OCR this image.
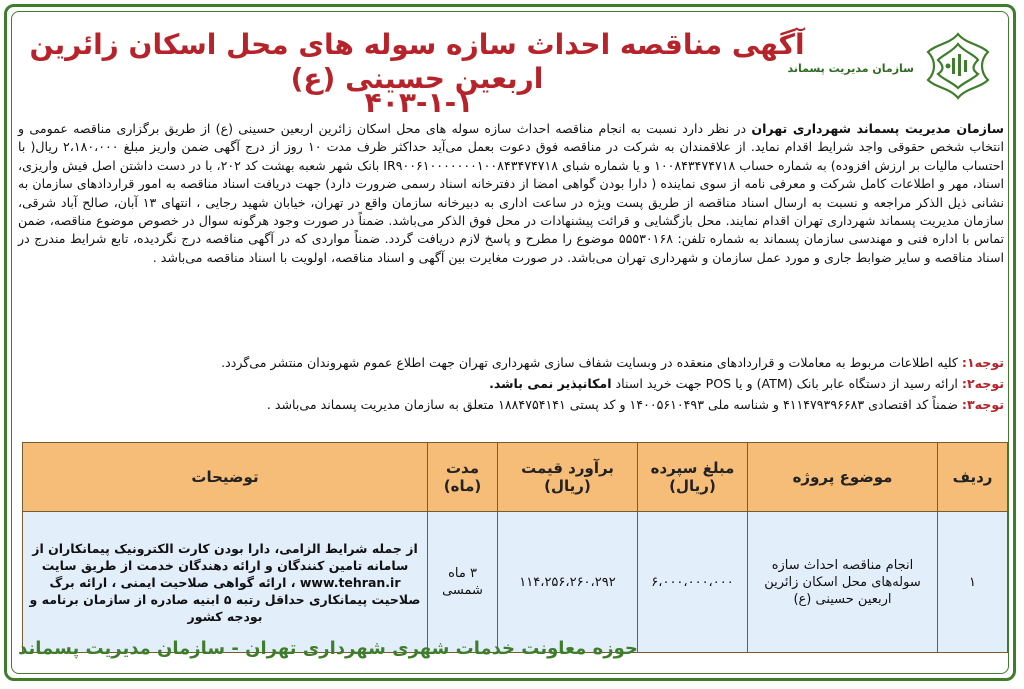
سازمان مدیریت پسماند
آگهی مناقصه احداث سازه سوله های محل اسکان زائرین اربعین حسینی (ع)
۴۰۳-۱-۱
سازمان مدیریت پسماند شهرداری تهران در نظر دارد نسبت به انجام مناقصه احداث سازه سوله های محل اسکان زائرین اربعین حسینی (ع) از طریق برگزاری مناقصه عمومی و انتخاب شخص حقوقی واجد شرایط اقدام نماید. از علاقمندان به شرکت در مناقصه فوق دعوت بعمل می‌آید حداکثر ظرف مدت ۱۰ روز از درج آگهی ضمن واریز مبلغ ۲،۱۸۰،۰۰۰ ریال( با احتساب مالیات بر ارزش افزوده) به شماره حساب ۱۰۰۸۴۳۴۷۴۷۱۸ و یا شماره شبای IR۹۰۰۶۱۰۰۰۰۰۰۰۱۰۰۸۴۳۴۷۴۷۱۸ بانک شهر شعبه بهشت کد ۲۰۲، با در دست داشتن اصل فیش واریزی، اسناد، مهر و اطلاعات کامل شرکت و معرفی نامه از سوی نماینده ( دارا بودن گواهی امضا از دفترخانه اسناد رسمی ضرورت دارد) جهت دریافت اسناد مناقصه به امور قراردادهای سازمان به نشانی ذیل الذکر مراجعه و نسبت به ارسال اسناد مناقصه از طریق پست ویژه در ساعت اداری به دبیرخانه سازمان واقع در تهران، خیابان شهید رجایی ، انتهای ۱۳ آبان، صالح آباد شرقی، سازمان مدیریت پسماند شهرداری تهران اقدام نمایند. محل بازگشایی و قرائت پیشنهادات در محل فوق الذکر می‌باشد. ضمناً در صورت وجود هرگونه سوال در خصوص موضوع مناقصه، ضمن تماس با اداره فنی و مهندسی سازمان پسماند به شماره تلفن: ۵۵۵۳۰۱۶۸ موضوع را مطرح و پاسخ لازم دریافت گردد. ضمناً مواردی که در آگهی مناقصه درج نگردیده، تابع شرایط مندرج در اسناد مناقصه و سایر ضوابط جاری و مورد عمل سازمان و شهرداری تهران می‌باشد. در صورت مغایرت بین آگهی و اسناد مناقصه، اولویت با اسناد مناقصه می‌باشد .
توجه۱: کلیه اطلاعات مربوط به معاملات و قراردادهای منعقده در وبسایت شفاف سازی شهرداری تهران جهت اطلاع عموم شهروندان منتشر می‌گردد.
توجه۲: ارائه رسید از دستگاه عابر بانک (ATM) و یا POS جهت خرید اسناد امکانپذیر نمی باشد.
توجه۳: ضمناً کد اقتصادی ۴۱۱۴۷۹۳۹۶۶۸۳ و شناسه ملی ۱۴۰۰۵۶۱۰۴۹۳ و کد پستی ۱۸۸۴۷۵۴۱۴۱ متعلق به سازمان مدیریت پسماند می‌باشد .
ردیف	موضوع پروژه	مبلغ سپرده (ریال)	برآورد قیمت (ریال)	مدت (ماه)	توضیحات
۱	انجام مناقصه احداث سازه سوله‌های محل اسکان زائرین اربعین حسینی (ع)	۶،۰۰۰،۰۰۰،۰۰۰	۱۱۴،۲۵۶،۲۶۰،۲۹۲	۳ ماه شمسی	از جمله شرایط الزامی، دارا بودن کارت الکترونیک پیمانکاران از سامانه تامین کنندگان و ارائه دهندگان خدمت از طریق سایت www.tehran.ir ، ارائه گواهی صلاحیت ایمنی ، ارائه برگ صلاحیت پیمانکاری حداقل رتبه ۵ ابنیه صادره از سازمان برنامه و بودجه کشور
حوزه معاونت خدمات شهری شهرداری تهران - سازمان مدیریت پسماند
